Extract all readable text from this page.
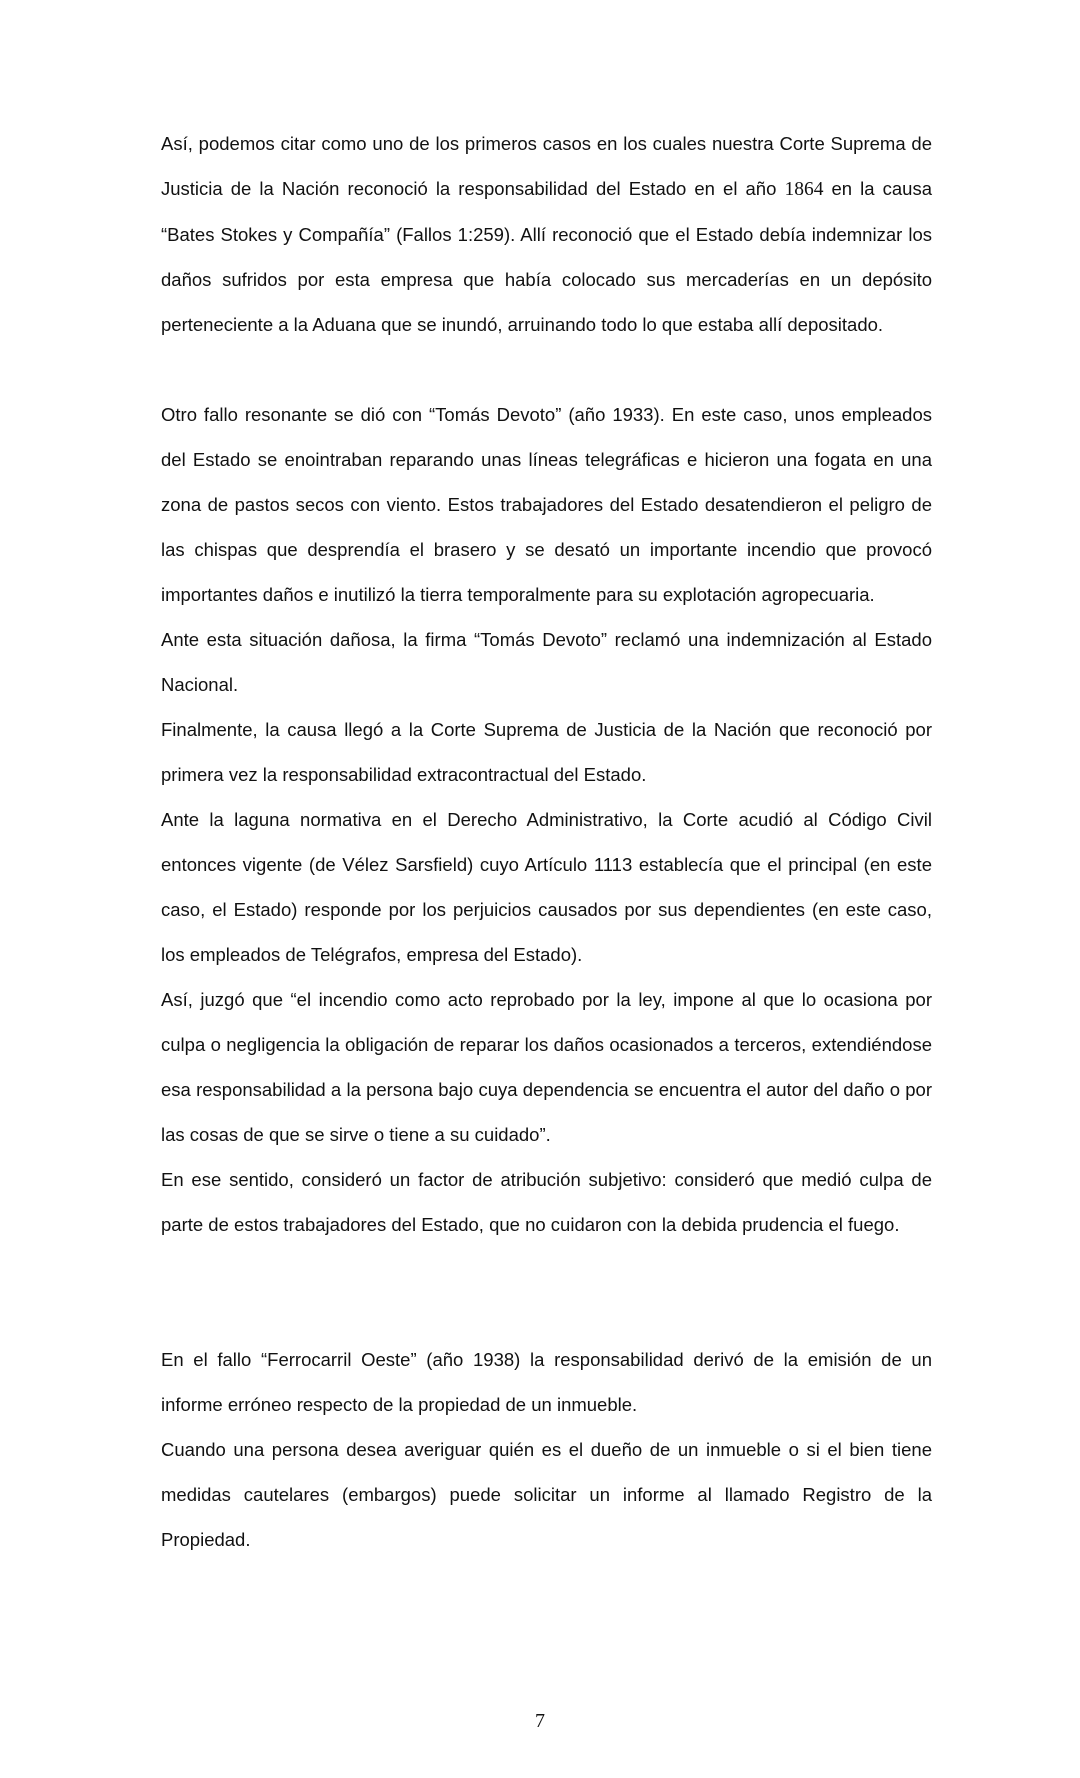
Así, podemos citar como uno de los primeros casos en los cuales nuestra Corte Suprema de Justicia de la Nación reconoció la responsabilidad del Estado en el año 1864 en la causa “Bates Stokes y Compañía” (Fallos 1:259). Allí reconoció que el Estado debía indemnizar los daños sufridos por esta empresa que había colocado sus mercaderías en un depósito perteneciente a la Aduana que se inundó, arruinando todo lo que estaba allí depositado.

Otro fallo resonante se dió con “Tomás Devoto” (año 1933). En este caso, unos empleados del Estado se enointraban reparando unas líneas telegráficas e hicieron una fogata en una zona de pastos secos con viento. Estos trabajadores del Estado desatendieron el peligro de las chispas que desprendía el brasero y se desató un importante incendio que provocó importantes daños e inutilizó la tierra temporalmente para su explotación agropecuaria.

Ante esta situación dañosa, la firma “Tomás Devoto” reclamó una indemnización al Estado Nacional.

Finalmente, la causa llegó a la Corte Suprema de Justicia de la Nación que reconoció por primera vez la responsabilidad extracontractual del Estado.

Ante la laguna normativa en el Derecho Administrativo, la Corte acudió al Código Civil entonces vigente (de Vélez Sarsfield) cuyo Artículo 1113 establecía que el principal (en este caso, el Estado) responde por los perjuicios causados por sus dependientes (en este caso, los empleados de Telégrafos, empresa del Estado).

Así, juzgó que “el incendio como acto reprobado por la ley, impone al que lo ocasiona por culpa o negligencia la obligación de reparar los daños ocasionados a terceros, extendiéndose esa responsabilidad a la persona bajo cuya dependencia se encuentra el autor del daño o por las cosas de que se sirve o tiene a su cuidado”.

En ese sentido, consideró un factor de atribución subjetivo: consideró que medió culpa de parte de estos trabajadores del Estado, que no cuidaron con la debida prudencia el fuego.

En el fallo “Ferrocarril Oeste” (año 1938) la responsabilidad derivó de la emisión de un informe erróneo respecto de la propiedad de un inmueble.

Cuando una persona desea averiguar quién es el dueño de un inmueble o si el bien tiene medidas cautelares (embargos) puede solicitar un informe al llamado Registro de la Propiedad.

7
